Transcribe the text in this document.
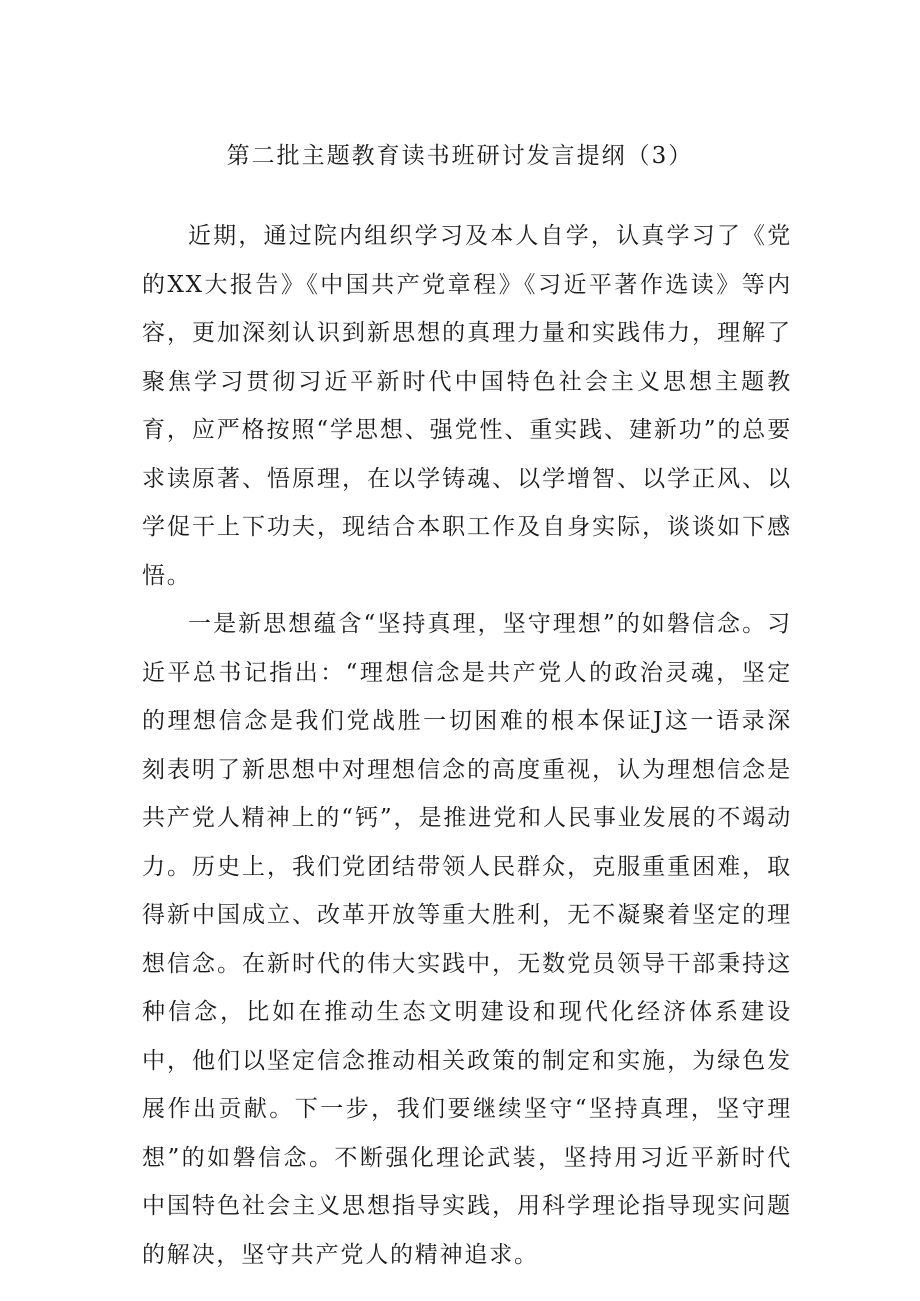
第二批主题教育读书班研讨发言提纲（3）

近期，通过院内组织学习及本人自学，认真学习了《党的XX大报告》《中国共产党章程》《习近平著作选读》等内容，更加深刻认识到新思想的真理力量和实践伟力，理解了聚焦学习贯彻习近平新时代中国特色社会主义思想主题教育，应严格按照“学思想、强党性、重实践、建新功”的总要求读原著、悟原理，在以学铸魂、以学增智、以学正风、以学促干上下功夫，现结合本职工作及自身实际，谈谈如下感悟。

一是新思想蕴含“坚持真理，坚守理想”的如磐信念。习近平总书记指出：“理想信念是共产党人的政治灵魂，坚定的理想信念是我们党战胜一切困难的根本保证J这一语录深刻表明了新思想中对理想信念的高度重视，认为理想信念是共产党人精神上的“钙”，是推进党和人民事业发展的不竭动力。历史上，我们党团结带领人民群众，克服重重困难，取得新中国成立、改革开放等重大胜利，无不凝聚着坚定的理想信念。在新时代的伟大实践中，无数党员领导干部秉持这种信念，比如在推动生态文明建设和现代化经济体系建设中，他们以坚定信念推动相关政策的制定和实施，为绿色发展作出贡献。下一步，我们要继续坚守“坚持真理，坚守理想”的如磐信念。不断强化理论武装，坚持用习近平新时代中国特色社会主义思想指导实践，用科学理论指导现实问题的解决，坚守共产党人的精神追求。
